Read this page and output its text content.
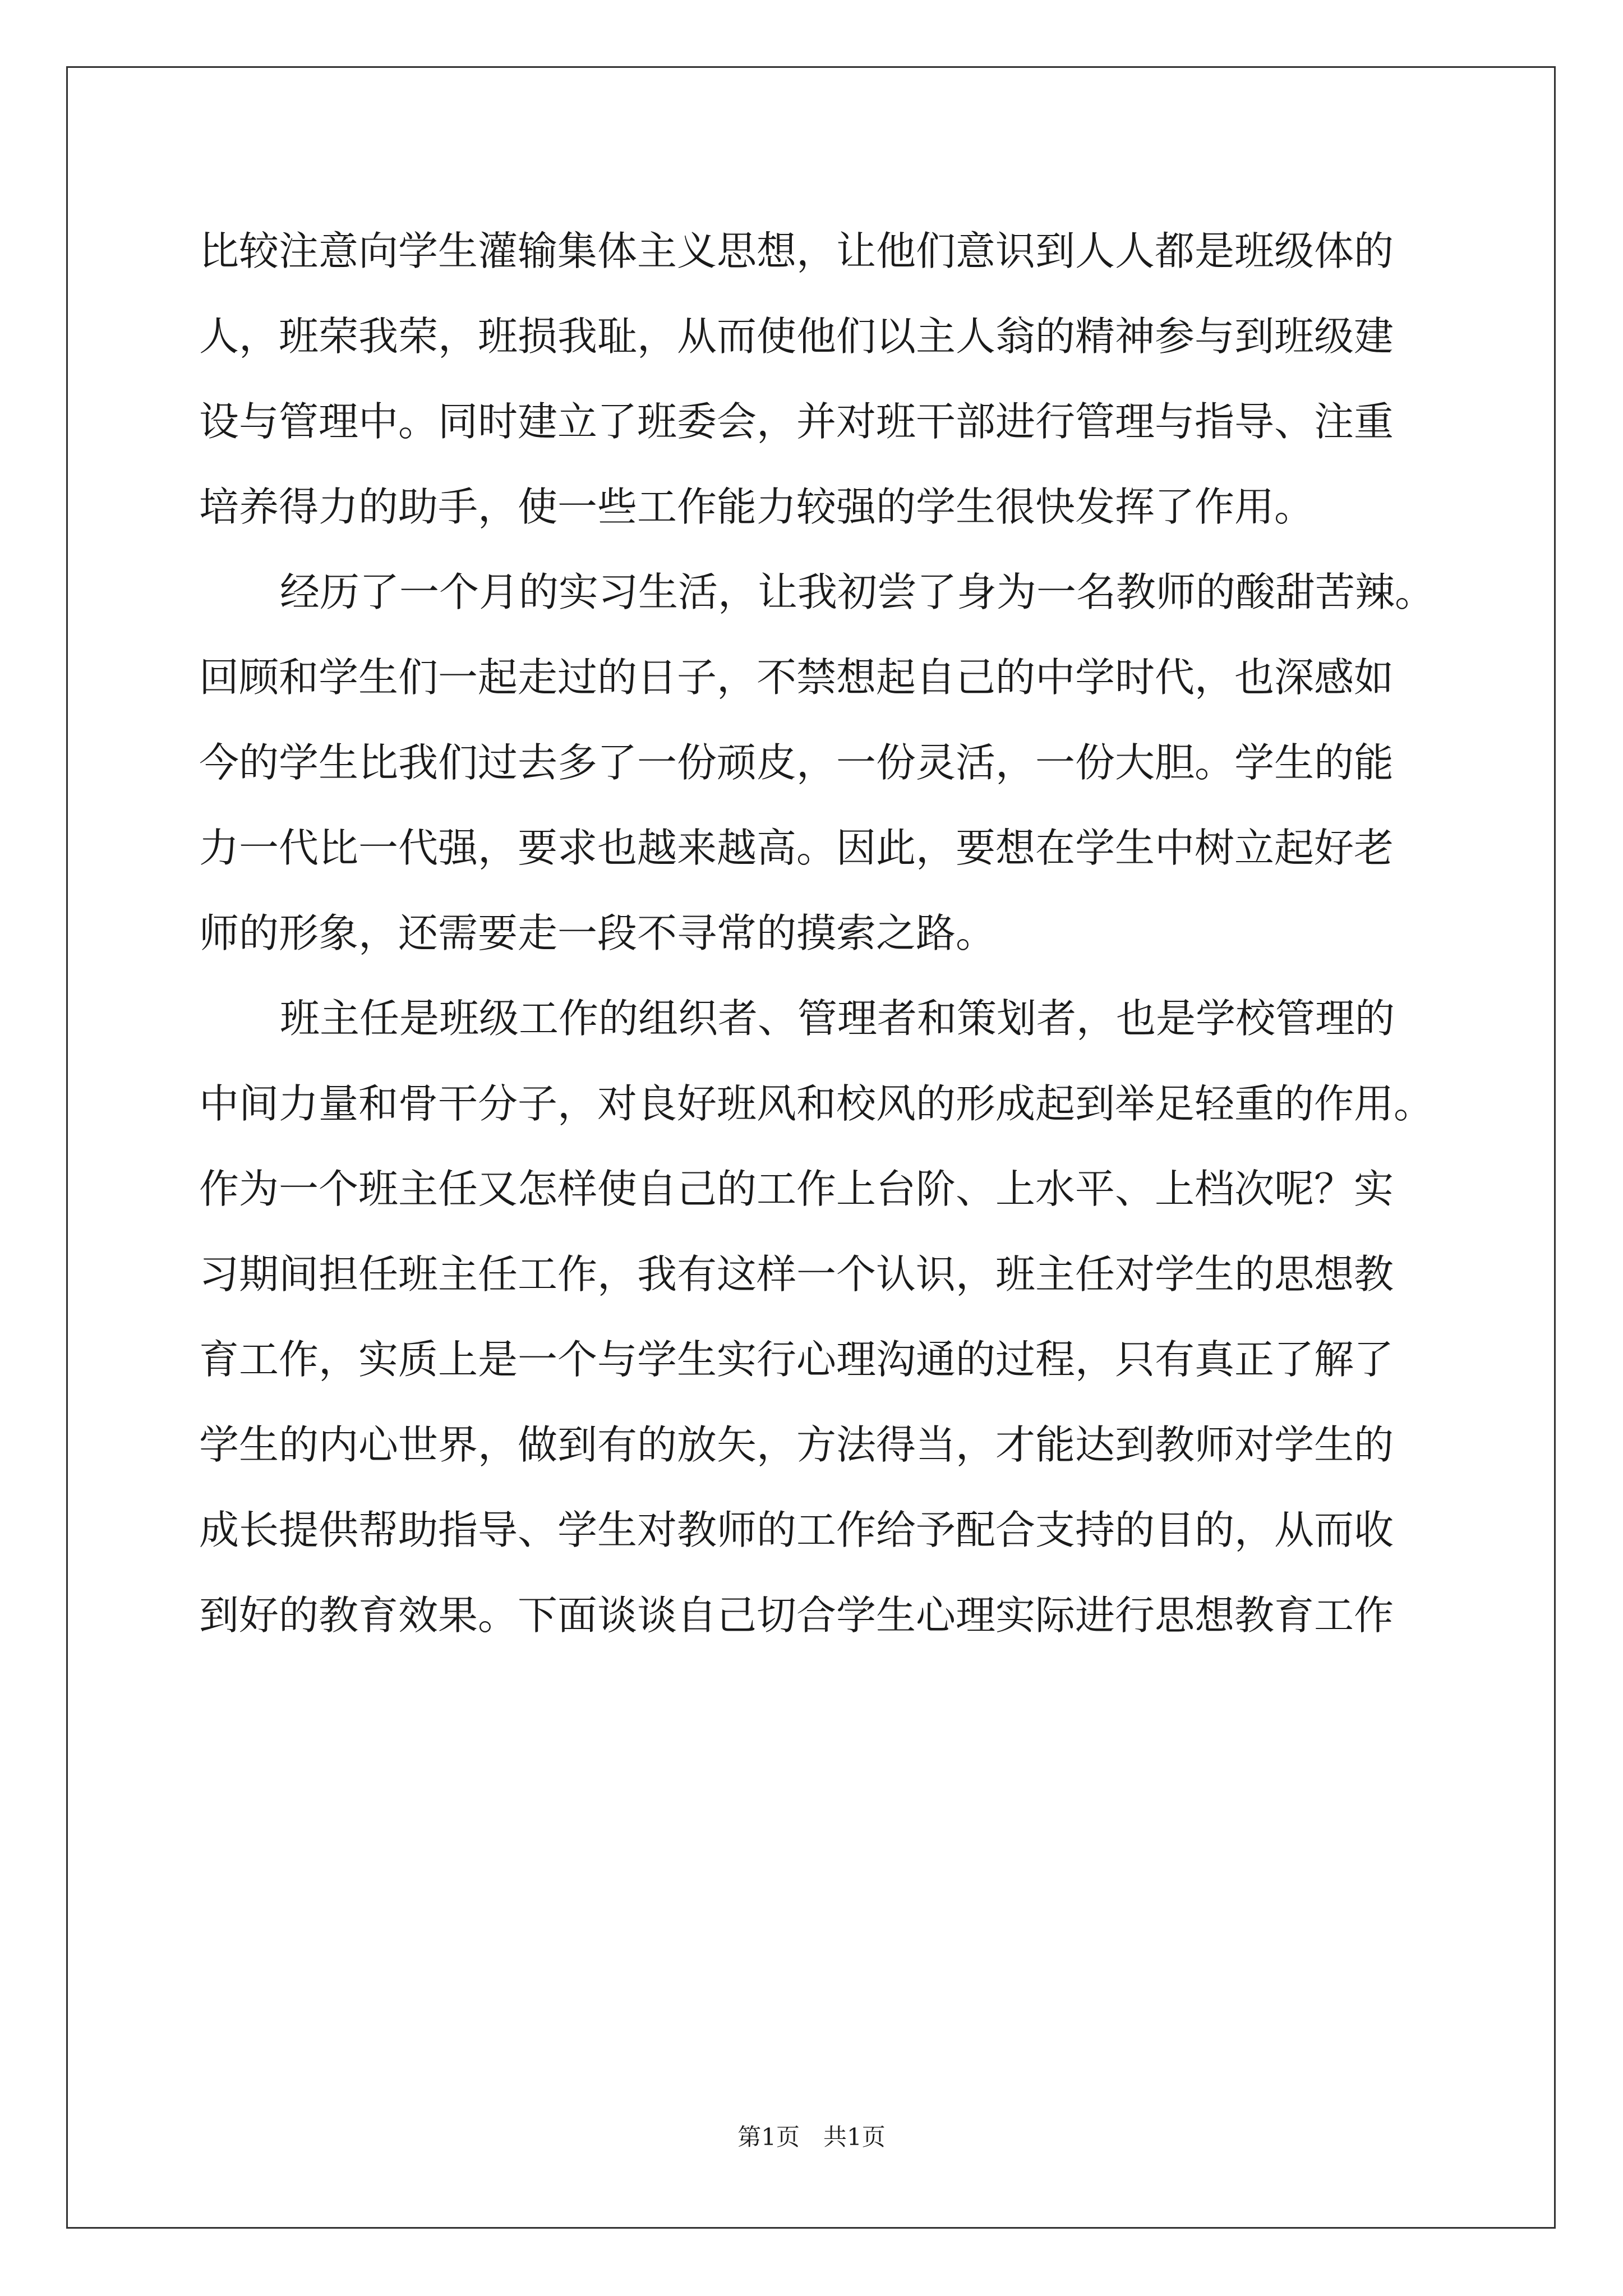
比较注意向学生灌输集体主义思想，让他们意识到人人都是班级体的
人，班荣我荣，班损我耻，从而使他们以主人翁的精神参与到班级建
设与管理中。同时建立了班委会，并对班干部进行管理与指导、注重
培养得力的助手，使一些工作能力较强的学生很快发挥了作用。
经历了一个月的实习生活，让我初尝了身为一名教师的酸甜苦辣。
回顾和学生们一起走过的日子，不禁想起自己的中学时代，也深感如
今的学生比我们过去多了一份顽皮，一份灵活，一份大胆。学生的能
力一代比一代强，要求也越来越高。因此，要想在学生中树立起好老
师的形象，还需要走一段不寻常的摸索之路。
班主任是班级工作的组织者、管理者和策划者，也是学校管理的
中间力量和骨干分子，对良好班风和校风的形成起到举足轻重的作用。
作为一个班主任又怎样使自己的工作上台阶、上水平、上档次呢？实
习期间担任班主任工作，我有这样一个认识，班主任对学生的思想教
育工作，实质上是一个与学生实行心理沟通的过程，只有真正了解了
学生的内心世界，做到有的放矢，方法得当，才能达到教师对学生的
成长提供帮助指导、学生对教师的工作给予配合支持的目的，从而收
到好的教育效果。下面谈谈自己切合学生心理实际进行思想教育工作
第1页　共1页
